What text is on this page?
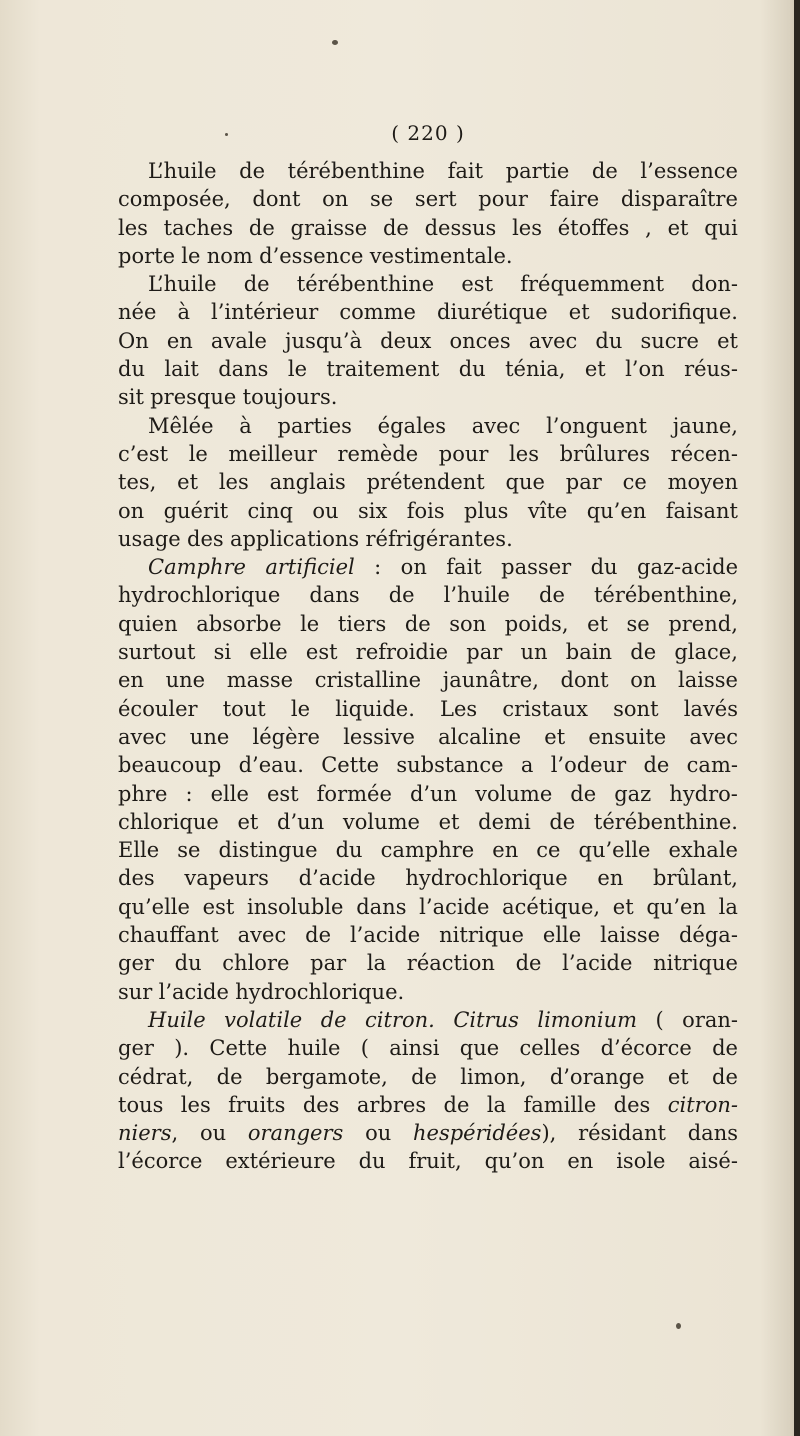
( 220 )
L’huile de térébenthine fait partie de l’essence
composée, dont on se sert pour faire disparaître
les taches de graisse de dessus les étoffes , et qui
porte le nom d’essence vestimentale.
L’huile de térébenthine est fréquemment don-
née à l’intérieur comme diurétique et sudorifique.
On en avale jusqu’à deux onces avec du sucre et
du lait dans le traitement du ténia, et l’on réus-
sit presque toujours.
Mêlée à parties égales avec l’onguent jaune,
c’est le meilleur remède pour les brûlures récen-
tes, et les anglais prétendent que par ce moyen
on guérit cinq ou six fois plus vîte qu’en faisant
usage des applications réfrigérantes.
Camphre artificiel : on fait passer du gaz-acide
hydrochlorique dans de l’huile de térébenthine,
quien absorbe le tiers de son poids, et se prend,
surtout si elle est refroidie par un bain de glace,
en une masse cristalline jaunâtre, dont on laisse
écouler tout le liquide. Les cristaux sont lavés
avec une légère lessive alcaline et ensuite avec
beaucoup d’eau. Cette substance a l’odeur de cam-
phre : elle est formée d’un volume de gaz hydro-
chlorique et d’un volume et demi de térébenthine.
Elle se distingue du camphre en ce qu’elle exhale
des vapeurs d’acide hydrochlorique en brûlant,
qu’elle est insoluble dans l’acide acétique, et qu’en la
chauffant avec de l’acide nitrique elle laisse déga-
ger du chlore par la réaction de l’acide nitrique
sur l’acide hydrochlorique.
Huile volatile de citron. Citrus limonium ( oran-
ger ). Cette huile ( ainsi que celles d’écorce de
cédrat, de bergamote, de limon, d’orange et de
tous les fruits des arbres de la famille des citron-
niers, ou orangers ou hespéridées), résidant dans
l’écorce extérieure du fruit, qu’on en isole aisé-
